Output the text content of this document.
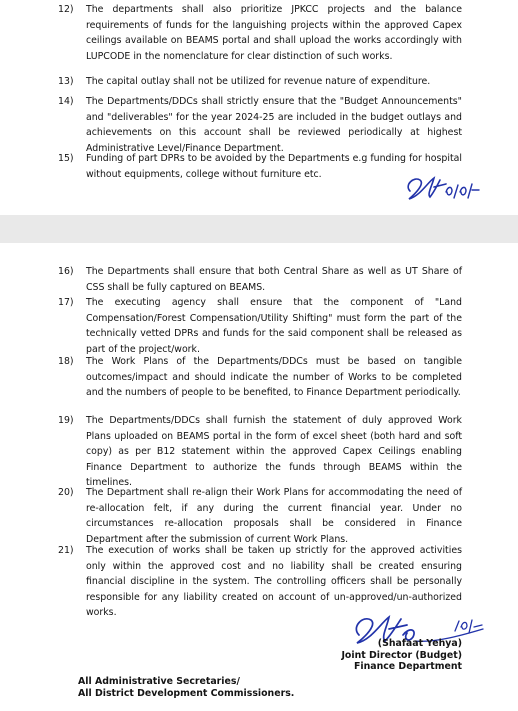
12) The departments shall also prioritize JPKCC projects and the balance requirements of funds for the languishing projects within the approved Capex ceilings available on BEAMS portal and shall upload the works accordingly with LUPCODE in the nomenclature for clear distinction of such works.
13) The capital outlay shall not be utilized for revenue nature of expenditure.
14) The Departments/DDCs shall strictly ensure that the "Budget Announcements" and "deliverables" for the year 2024-25 are included in the budget outlays and achievements on this account shall be reviewed periodically at highest Administrative Level/Finance Department.
15) Funding of part DPRs to be avoided by the Departments e.g funding for hospital without equipments, college without furniture etc.
16) The Departments shall ensure that both Central Share as well as UT Share of CSS shall be fully captured on BEAMS.
17) The executing agency shall ensure that the component of "Land Compensation/Forest Compensation/Utility Shifting" must form the part of the technically vetted DPRs and funds for the said component shall be released as part of the project/work.
18) The Work Plans of the Departments/DDCs must be based on tangible outcomes/impact and should indicate the number of Works to be completed and the numbers of people to be benefited, to Finance Department periodically.
19) The Departments/DDCs shall furnish the statement of duly approved Work Plans uploaded on BEAMS portal in the form of excel sheet (both hard and soft copy) as per B12 statement within the approved Capex Ceilings enabling Finance Department to authorize the funds through BEAMS within the timelines.
20) The Department shall re-align their Work Plans for accommodating the need of re-allocation felt, if any during the current financial year. Under no circumstances re-allocation proposals shall be considered in Finance Department after the submission of current Work Plans.
21) The execution of works shall be taken up strictly for the approved activities only within the approved cost and no liability shall be created ensuring financial discipline in the system. The controlling officers shall be personally responsible for any liability created on account of un-approved/un-authorized works.
(Shafaat Yehya)
Joint Director (Budget)
Finance Department
All Administrative Secretaries/
All District Development Commissioners.
